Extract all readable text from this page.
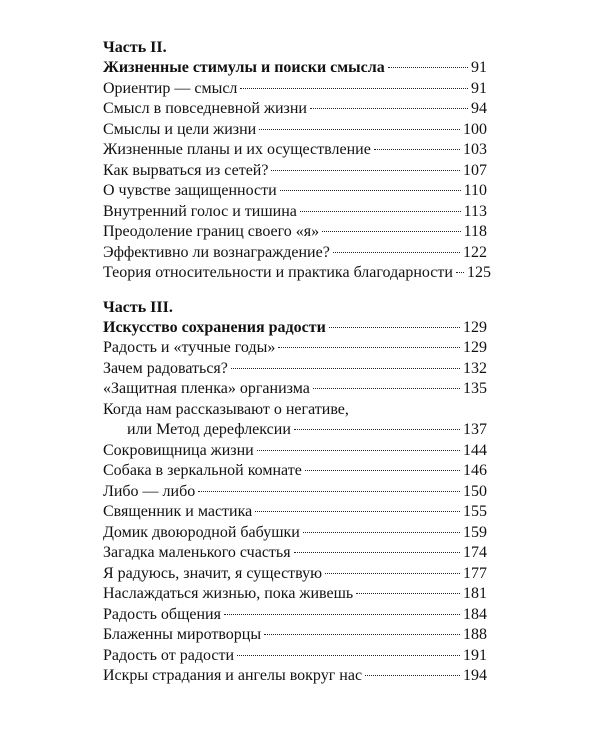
Часть II.
Жизненные стимулы и поиски смысла	91
Ориентир — смысл	91
Смысл в повседневной жизни	94
Смыслы и цели жизни	100
Жизненные планы и их осуществление	103
Как вырваться из сетей?	107
О чувстве защищенности	110
Внутренний голос и тишина	113
Преодоление границ своего «я»	118
Эффективно ли вознаграждение?	122
Теория относительности и практика благодарности 125
Часть III.
Искусство сохранения радости	129
Радость и «тучные годы»	129
Зачем радоваться?	132
«Защитная пленка» организма	135
Когда нам рассказывают о негативе,
или Метод дерефлексии	137
Сокровищница жизни	144
Собака в зеркальной комнате	146
Либо — либо	150
Священник и мастика	155
Домик двоюродной бабушки	159
Загадка маленького счастья	174
Я радуюсь, значит, я существую	177
Наслаждаться жизнью, пока живешь	181
Радость общения	184
Блаженны миротворцы	188
Радость от радости	191
Искры страдания и ангелы вокруг нас	194
